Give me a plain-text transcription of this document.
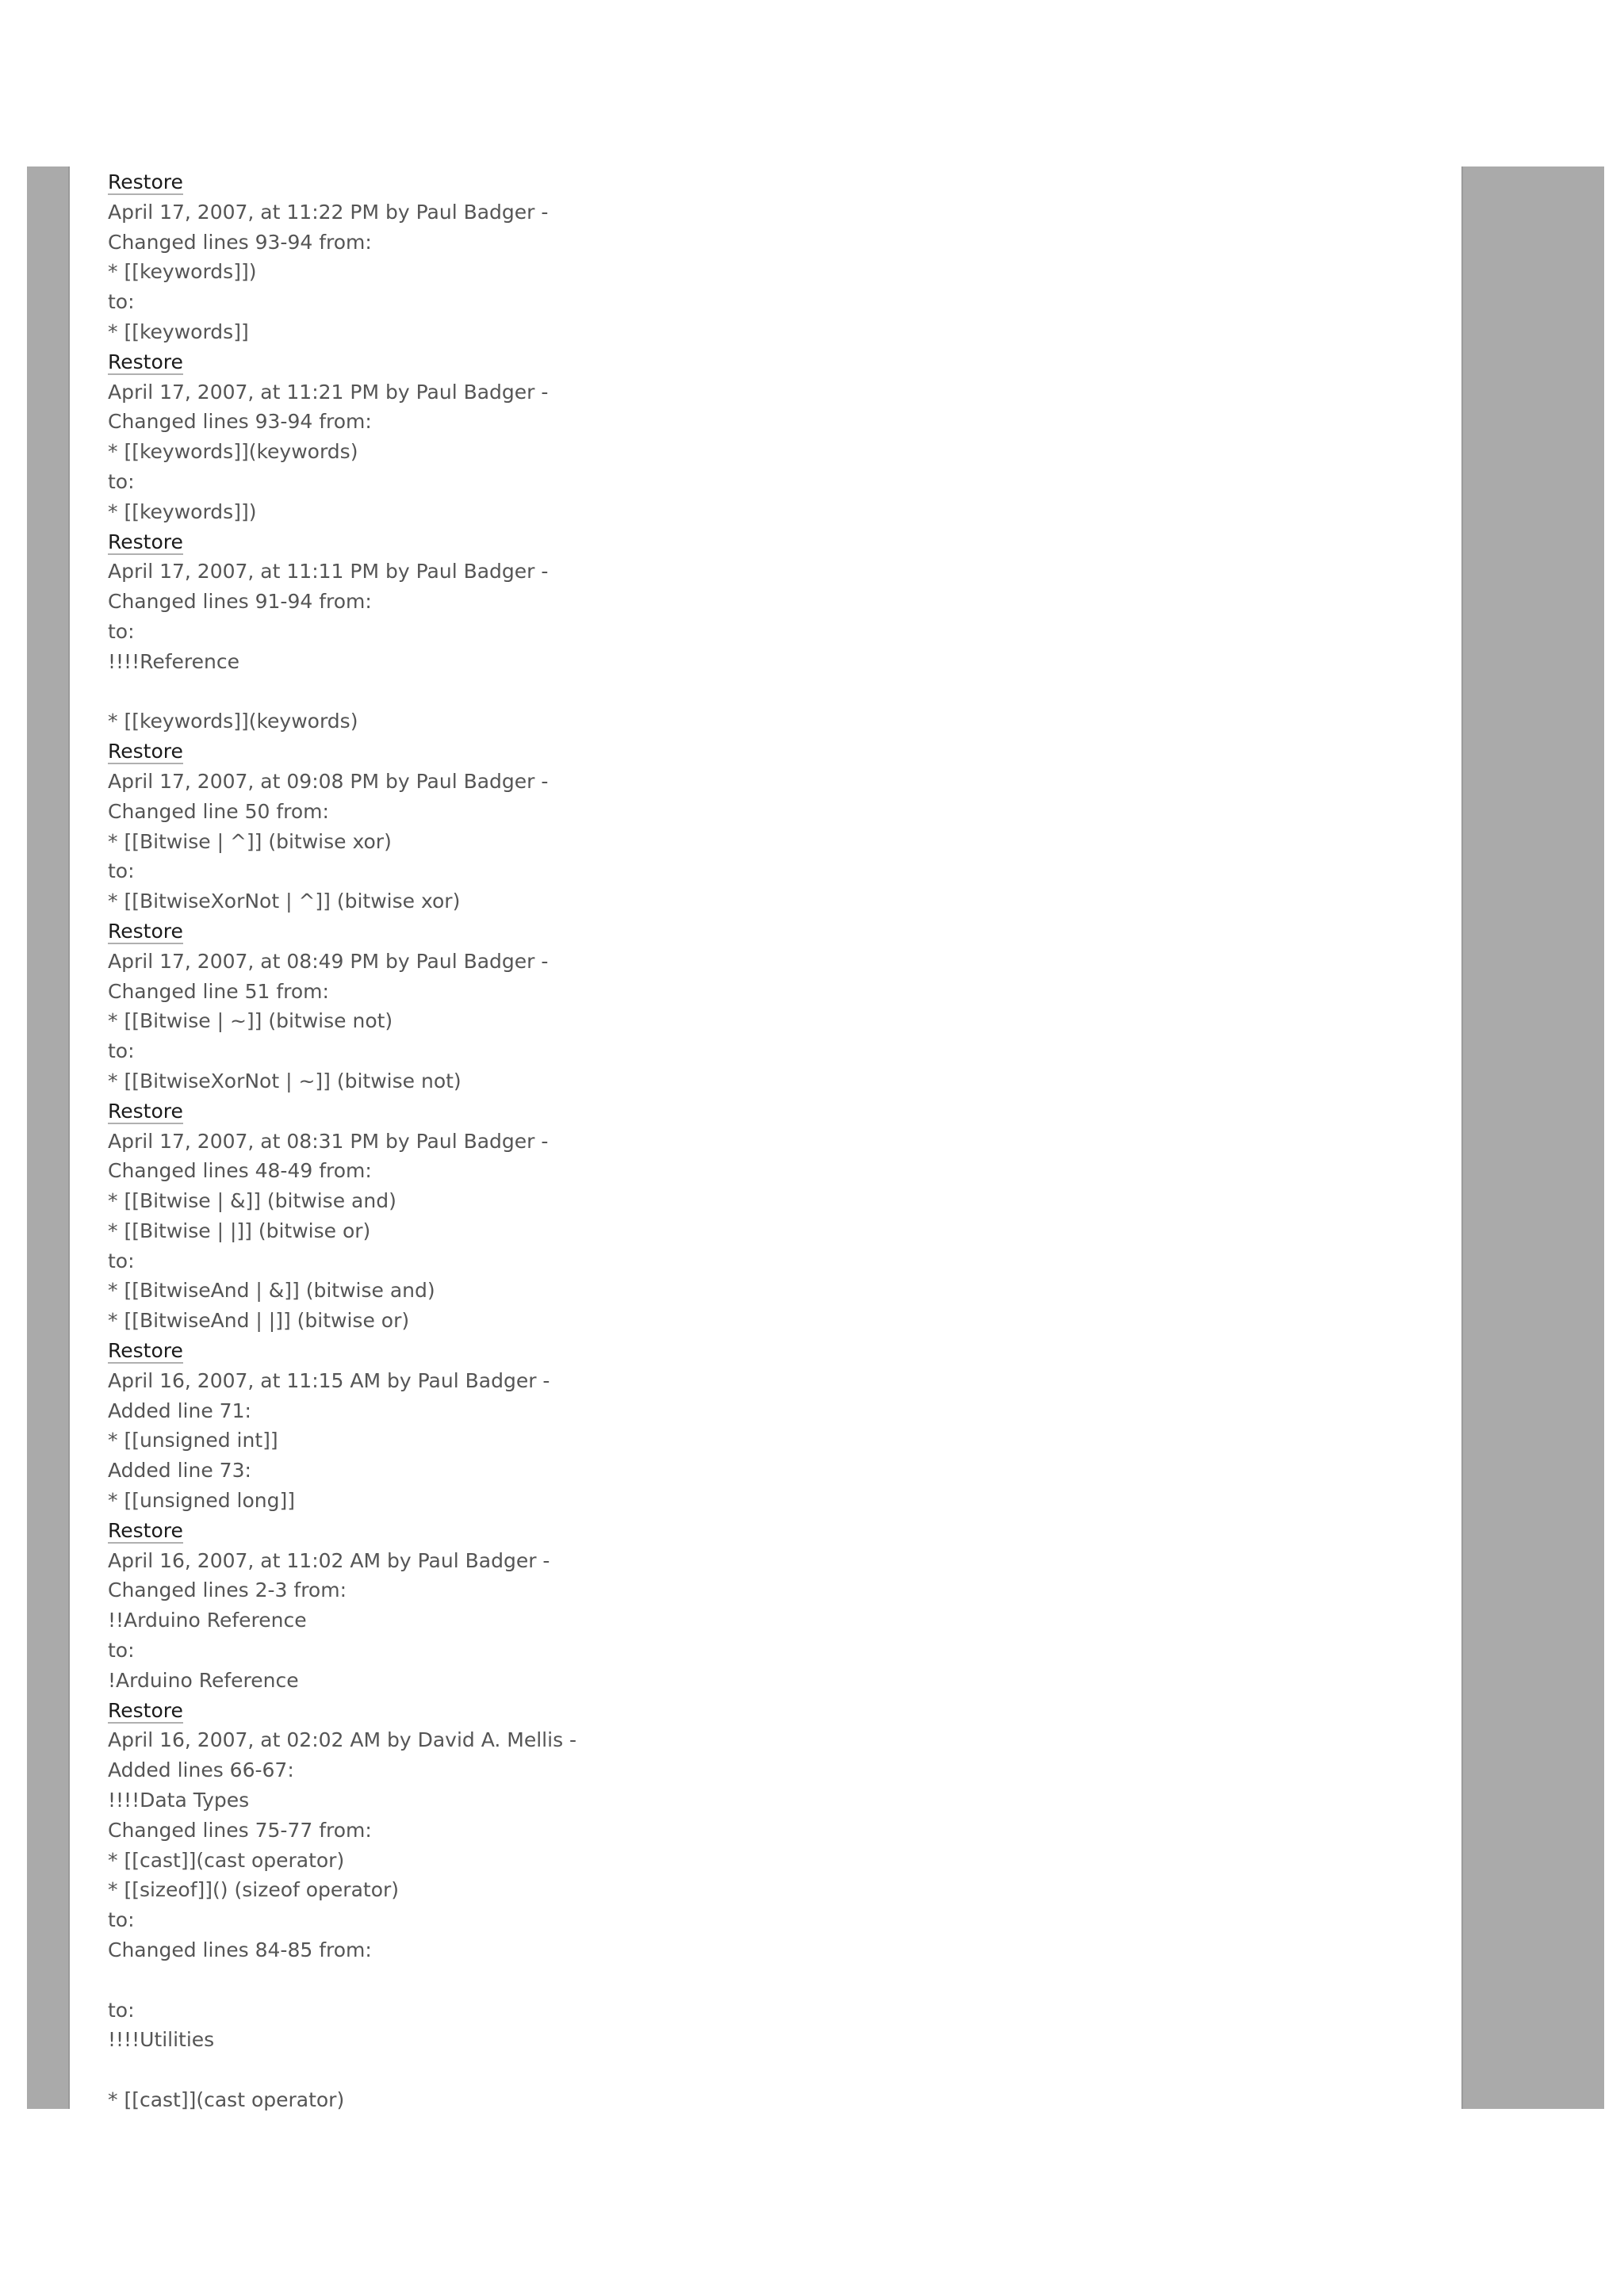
Restore
April 17, 2007, at 11:22 PM by Paul Badger -
Changed lines 93-94 from:
* [[keywords]])
to:
* [[keywords]]
Restore
April 17, 2007, at 11:21 PM by Paul Badger -
Changed lines 93-94 from:
* [[keywords]](keywords)
to:
* [[keywords]])
Restore
April 17, 2007, at 11:11 PM by Paul Badger -
Changed lines 91-94 from:
to:
!!!!Reference
* [[keywords]](keywords)
Restore
April 17, 2007, at 09:08 PM by Paul Badger -
Changed line 50 from:
* [[Bitwise | ^]] (bitwise xor)
to:
* [[BitwiseXorNot | ^]] (bitwise xor)
Restore
April 17, 2007, at 08:49 PM by Paul Badger -
Changed line 51 from:
* [[Bitwise | ~]] (bitwise not)
to:
* [[BitwiseXorNot | ~]] (bitwise not)
Restore
April 17, 2007, at 08:31 PM by Paul Badger -
Changed lines 48-49 from:
* [[Bitwise | &]] (bitwise and)
* [[Bitwise | |]] (bitwise or)
to:
* [[BitwiseAnd | &]] (bitwise and)
* [[BitwiseAnd | |]] (bitwise or)
Restore
April 16, 2007, at 11:15 AM by Paul Badger -
Added line 71:
* [[unsigned int]]
Added line 73:
* [[unsigned long]]
Restore
April 16, 2007, at 11:02 AM by Paul Badger -
Changed lines 2-3 from:
!!Arduino Reference
to:
!Arduino Reference
Restore
April 16, 2007, at 02:02 AM by David A. Mellis -
Added lines 66-67:
!!!!Data Types
Changed lines 75-77 from:
* [[cast]](cast operator)
* [[sizeof]]() (sizeof operator)
to:
Changed lines 84-85 from:
to:
!!!!Utilities
* [[cast]](cast operator)
